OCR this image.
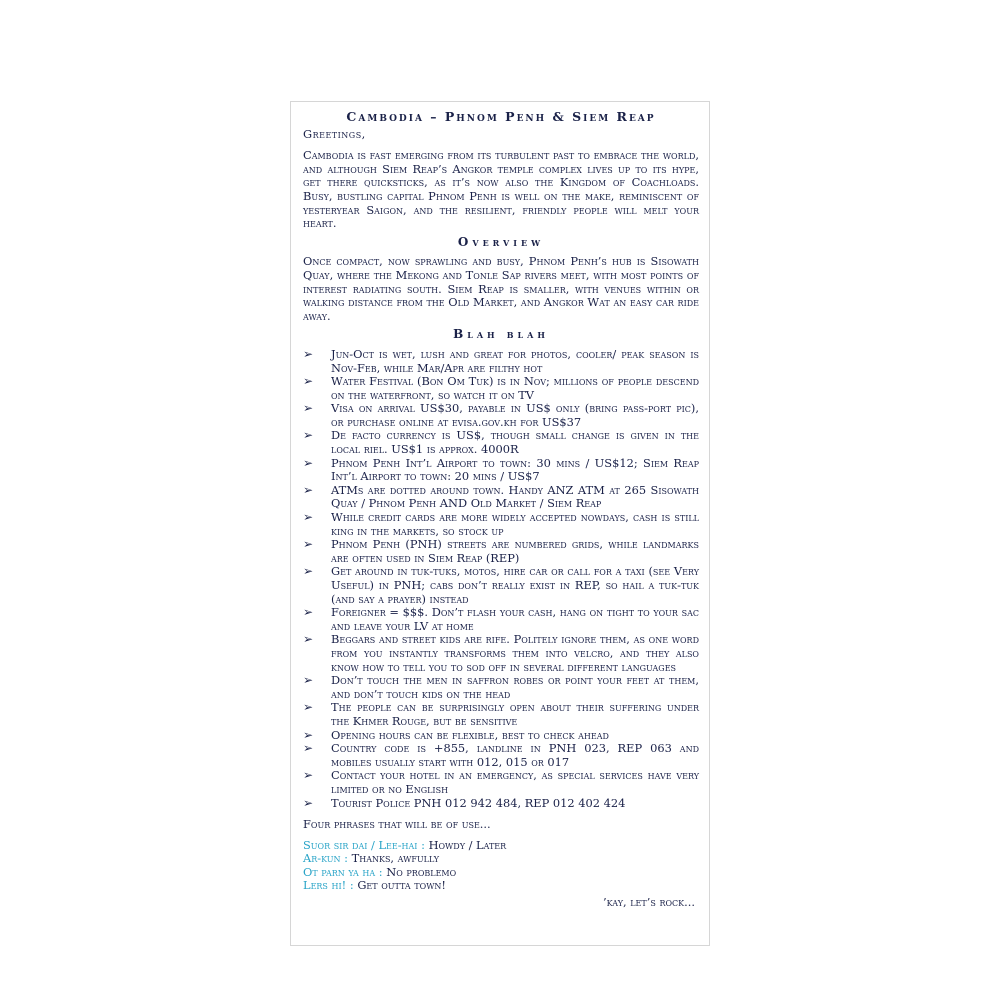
Cambodia – Phnom Penh & Siem Reap
Greetings,
Cambodia is fast emerging from its turbulent past to embrace the world, and although Siem Reap’s Angkor temple complex lives up to its hype, get there quicksticks, as it’s now also the Kingdom of Coachloads. Busy, bustling capital Phnom Penh is well on the make, reminiscent of yesteryear Saigon, and the resilient, friendly people will melt your heart.
Overview
Once compact, now sprawling and busy, Phnom Penh’s hub is Sisowath Quay, where the Mekong and Tonle Sap rivers meet, with most points of interest radiating south. Siem Reap is smaller, with venues within or walking distance from the Old Market, and Angkor Wat an easy car ride away.
Blah blah
➢ Jun-Oct is wet, lush and great for photos, cooler/ peak season is Nov-Feb, while Mar/Apr are filthy hot
➢ Water Festival (Bon Om Tuk) is in Nov; millions of people descend on the waterfront, so watch it on TV
➢ Visa on arrival US$30, payable in US$ only (bring pass-port pic), or purchase online at evisa.gov.kh for US$37
➢ De facto currency is US$, though small change is given in the local riel. US$1 is approx. 4000R
➢ Phnom Penh Int’l Airport to town: 30 mins / US$12; Siem Reap Int’l Airport to town: 20 mins / US$7
➢ ATMs are dotted around town. Handy ANZ ATM at 265 Sisowath Quay / Phnom Penh AND Old Market / Siem Reap
➢ While credit cards are more widely accepted nowdays, cash is still king in the markets, so stock up
➢ Phnom Penh (PNH) streets are numbered grids, while landmarks are often used in Siem Reap (REP)
➢ Get around in tuk-tuks, motos, hire car or call for a taxi (see Very Useful) in PNH; cabs don’t really exist in REP, so hail a tuk-tuk (and say a prayer) instead
➢ Foreigner = $$$. Don’t flash your cash, hang on tight to your sac and leave your LV at home
➢ Beggars and street kids are rife. Politely ignore them, as one word from you instantly transforms them into velcro, and they also know how to tell you to sod off in several different languages
➢ Don’t touch the men in saffron robes or point your feet at them, and don’t touch kids on the head
➢ The people can be surprisingly open about their suffering under the Khmer Rouge, but be sensitive
➢ Opening hours can be flexible, best to check ahead
➢ Country code is +855, landline in PNH 023, REP 063 and mobiles usually start with 012, 015 or 017
➢ Contact your hotel in an emergency, as special services have very limited or no English
➢ Tourist Police PNH 012 942 484, REP 012 402 424
Four phrases that will be of use...
Suor sir dai / Lee-hai : Howdy / Later
Ar-kun : Thanks, awfully
Ot parn ya ha : No problemo
Lers hi! : Get outta town!
’kay, let’s rock...
